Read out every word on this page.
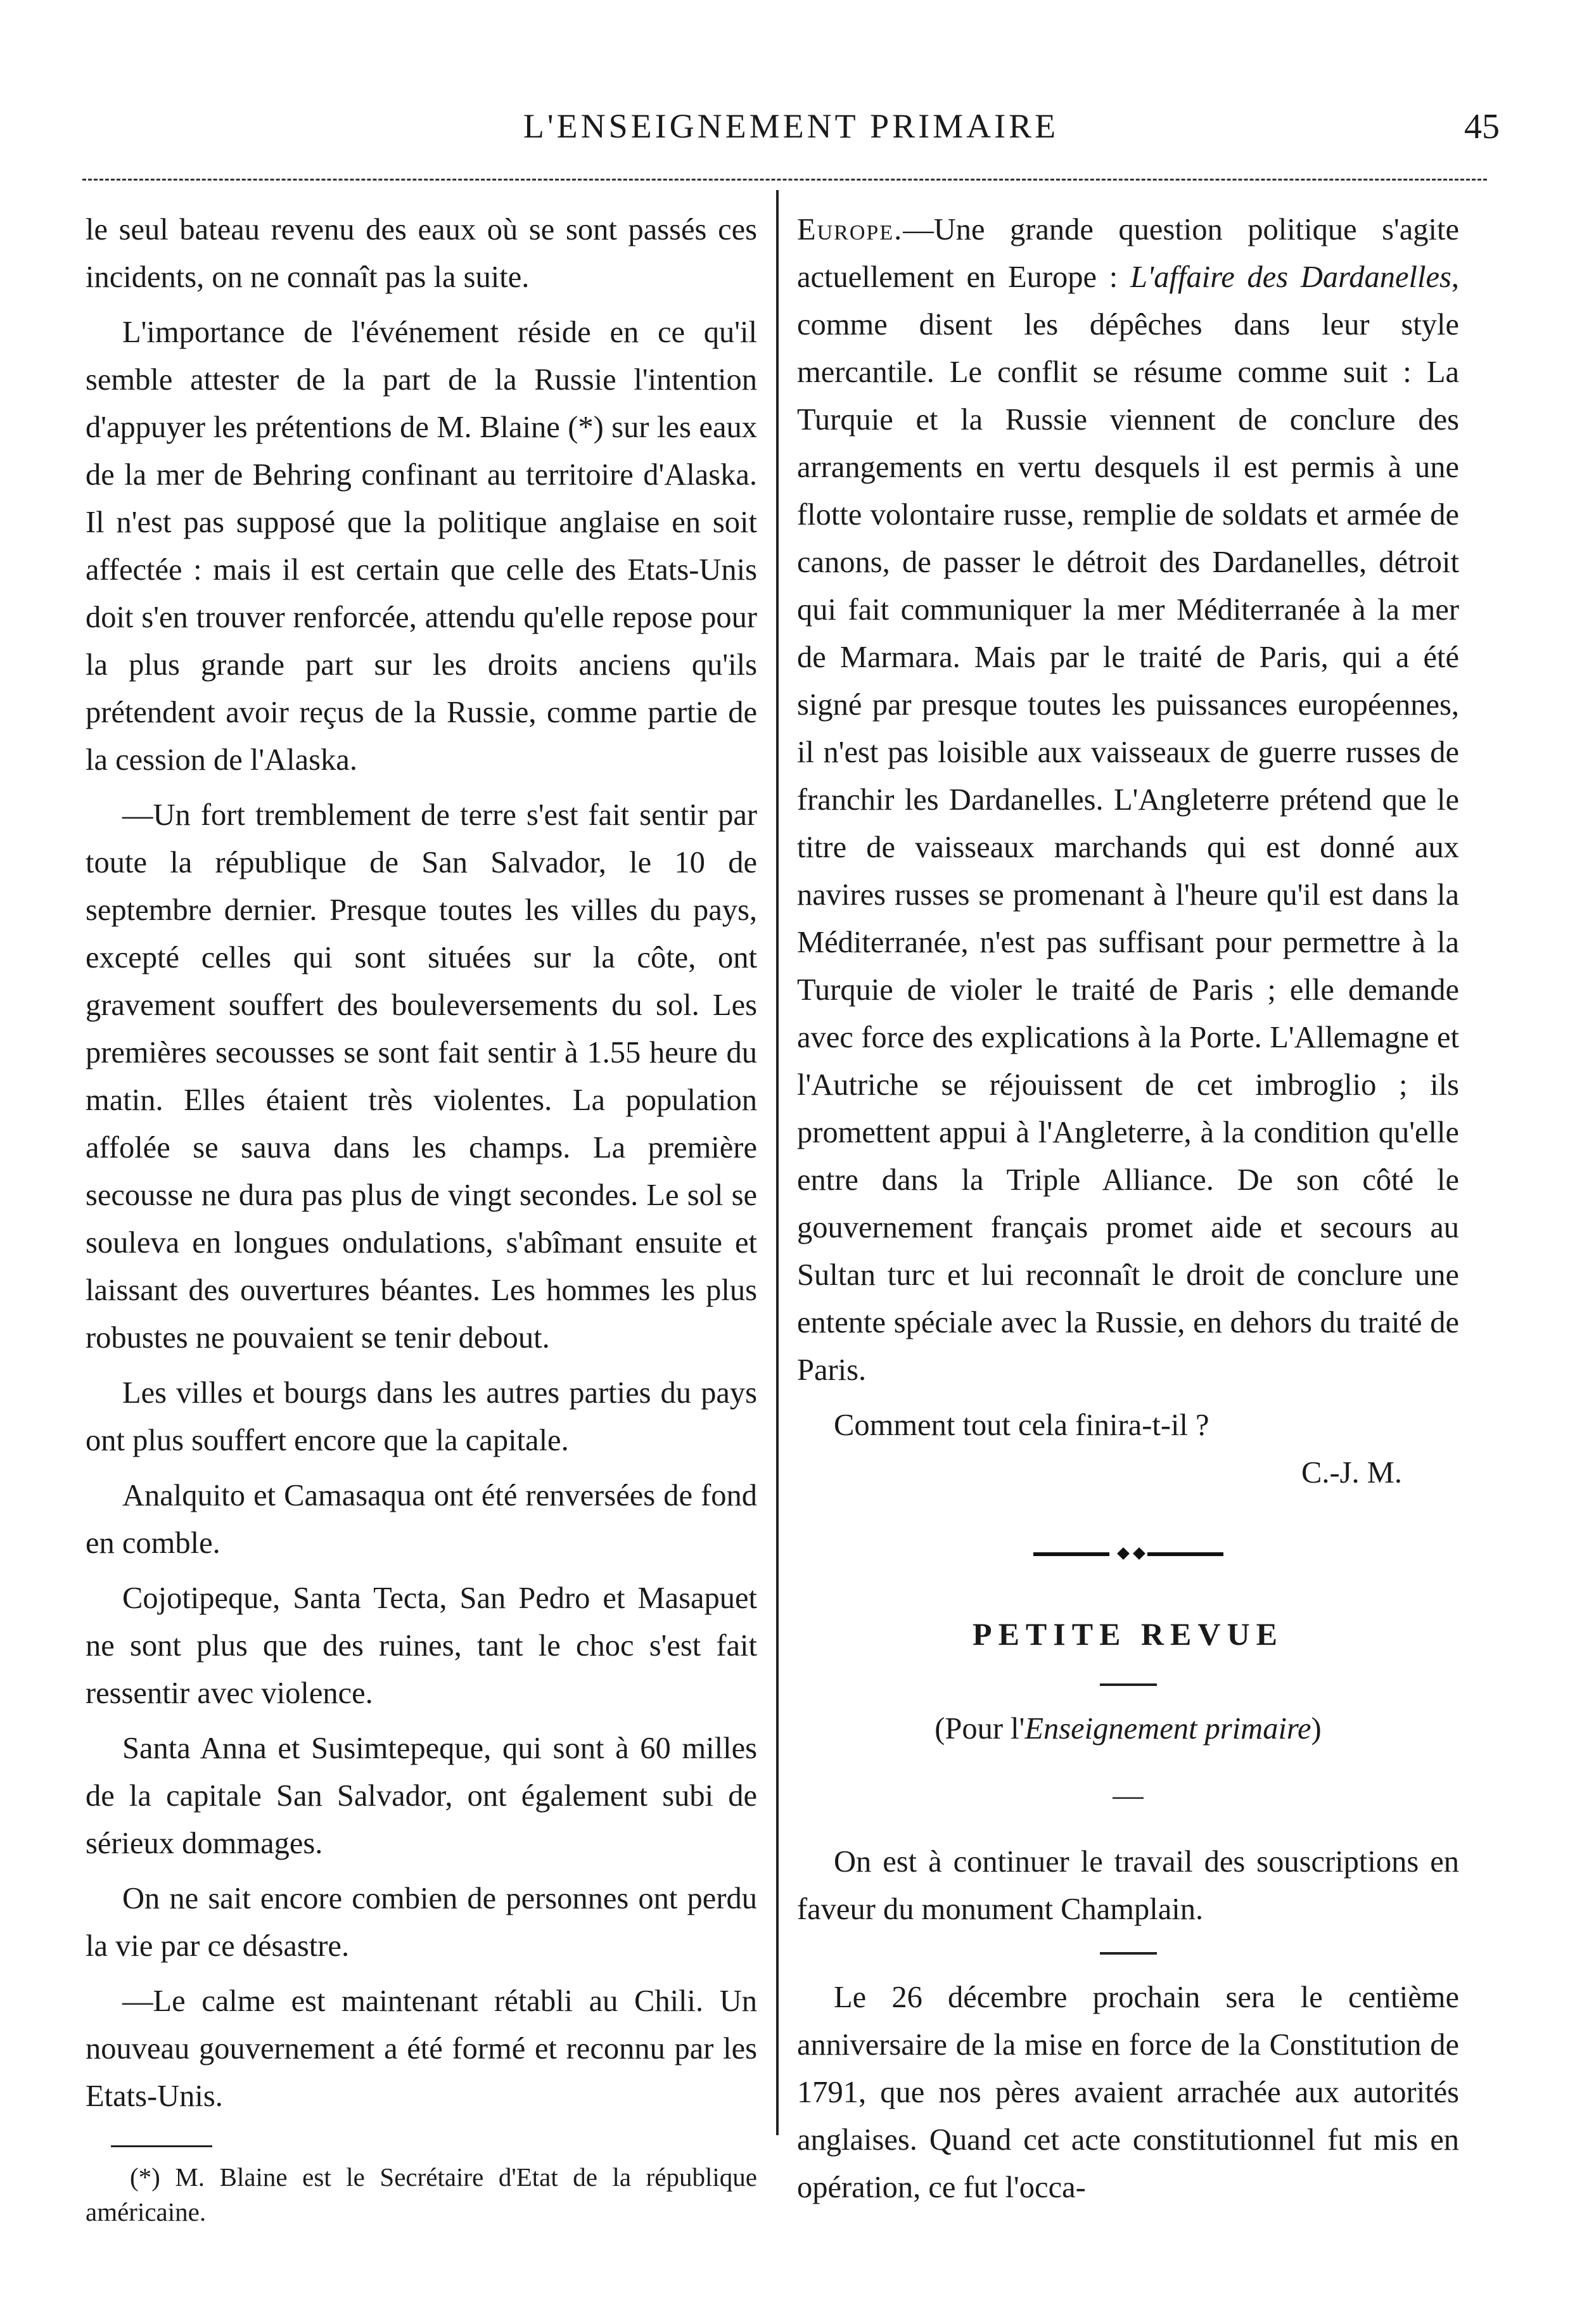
L'ENSEIGNEMENT PRIMAIRE	45

le seul bateau revenu des eaux où se sont passés ces incidents, on ne connaît pas la suite.

L'importance de l'événement réside en ce qu'il semble attester de la part de la Russie l'intention d'appuyer les prétentions de M. Blaine (*) sur les eaux de la mer de Behring confinant au territoire d'Alaska. Il n'est pas supposé que la politique anglaise en soit affectée : mais il est certain que celle des Etats-Unis doit s'en trouver renforcée, attendu qu'elle repose pour la plus grande part sur les droits anciens qu'ils prétendent avoir reçus de la Russie, comme partie de la cession de l'Alaska.

—Un fort tremblement de terre s'est fait sentir par toute la république de San Salvador, le 10 de septembre dernier. Presque toutes les villes du pays, excepté celles qui sont situées sur la côte, ont gravement souffert des bouleversements du sol. Les premières secousses se sont fait sentir à 1.55 heure du matin. Elles étaient très violentes. La population affolée se sauva dans les champs. La première secousse ne dura pas plus de vingt secondes. Le sol se souleva en longues ondulations, s'abîmant ensuite et laissant des ouvertures béantes. Les hommes les plus robustes ne pouvaient se tenir debout.

Les villes et bourgs dans les autres parties du pays ont plus souffert encore que la capitale.

Analquito et Camasaqua ont été renversées de fond en comble.

Cojotipeque, Santa Tecta, San Pedro et Masapuet ne sont plus que des ruines, tant le choc s'est fait ressentir avec violence.

Santa Anna et Susimtepeque, qui sont à 60 milles de la capitale San Salvador, ont également subi de sérieux dommages.

On ne sait encore combien de personnes ont perdu la vie par ce désastre.

—Le calme est maintenant rétabli au Chili. Un nouveau gouvernement a été formé et reconnu par les Etats-Unis.

(*) M. Blaine est le Secrétaire d'Etat de la république américaine.

Europe.—Une grande question politique s'agite actuellement en Europe : L'affaire des Dardanelles, comme disent les dépêches dans leur style mercantile. Le conflit se résume comme suit : La Turquie et la Russie viennent de conclure des arrangements en vertu desquels il est permis à une flotte volontaire russe, remplie de soldats et armée de canons, de passer le détroit des Dardanelles, détroit qui fait communiquer la mer Méditerranée à la mer de Marmara. Mais par le traité de Paris, qui a été signé par presque toutes les puissances européennes, il n'est pas loisible aux vaisseaux de guerre russes de franchir les Dardanelles. L'Angleterre prétend que le titre de vaisseaux marchands qui est donné aux navires russes se promenant à l'heure qu'il est dans la Méditerranée, n'est pas suffisant pour permettre à la Turquie de violer le traité de Paris ; elle demande avec force des explications à la Porte. L'Allemagne et l'Autriche se réjouissent de cet imbroglio ; ils promettent appui à l'Angleterre, à la condition qu'elle entre dans la Triple Alliance. De son côté le gouvernement français promet aide et secours au Sultan turc et lui reconnaît le droit de conclure une entente spéciale avec la Russie, en dehors du traité de Paris.

Comment tout cela finira-t-il ?

C.-J. M.

PETITE REVUE
(Pour l'Enseignement primaire)
—

On est à continuer le travail des souscriptions en faveur du monument Champlain.

Le 26 décembre prochain sera le centième anniversaire de la mise en force de la Constitution de 1791, que nos pères avaient arrachée aux autorités anglaises. Quand cet acte constitutionnel fut mis en opération, ce fut l'occa-
